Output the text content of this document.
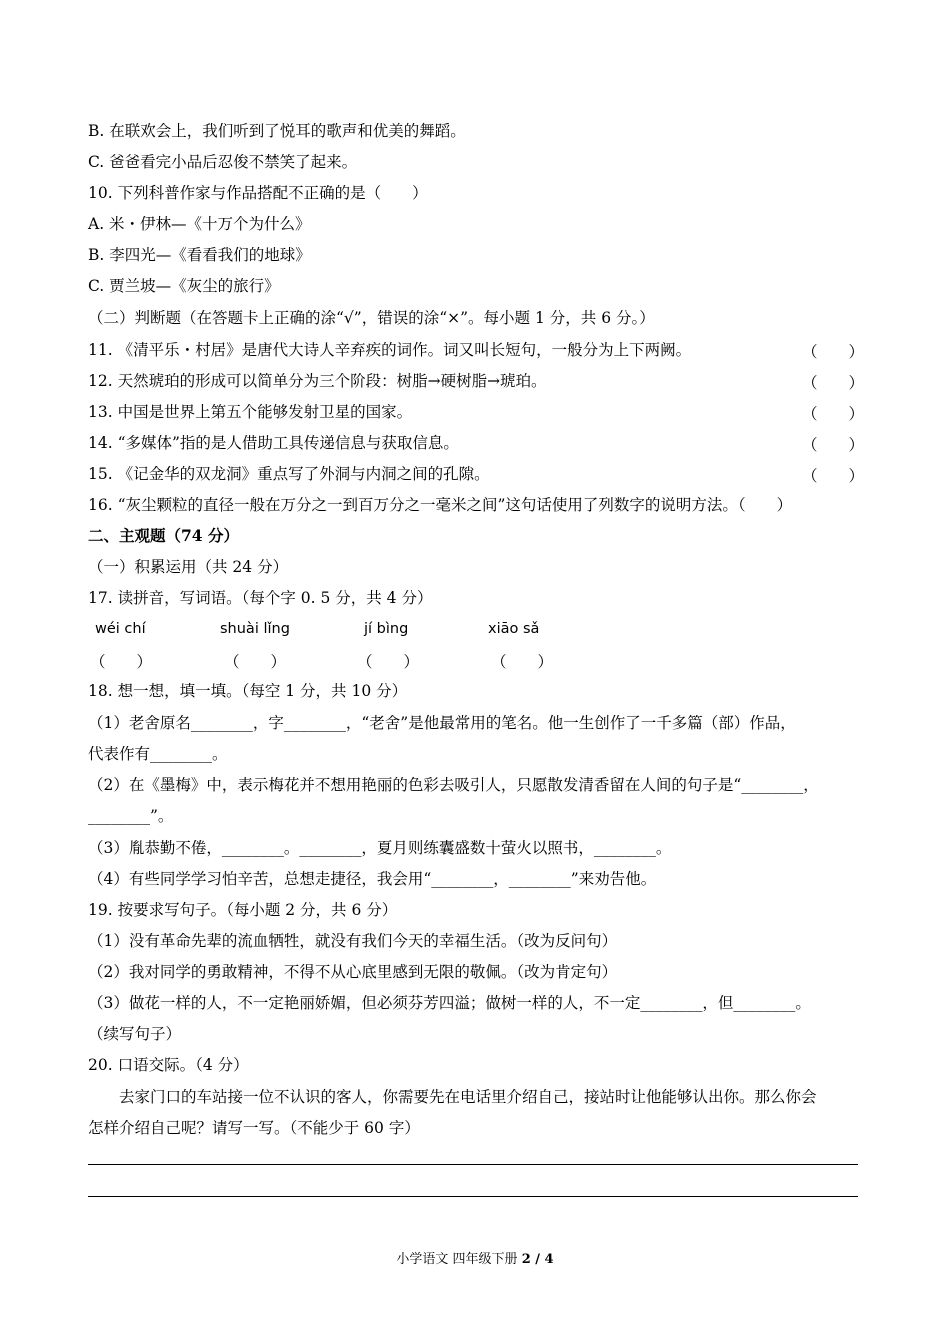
B. 在联欢会上，我们听到了悦耳的歌声和优美的舞蹈。
C. 爸爸看完小品后忍俊不禁笑了起来。
10. 下列科普作家与作品搭配不正确的是（　　）
A. 米・伊林—《十万个为什么》
B. 李四光—《看看我们的地球》
C. 贾兰坡—《灰尘的旅行》
（二）判断题（在答题卡上正确的涂“√”，错误的涂“×”。每小题 1 分，共 6 分。）
11. 《清平乐・村居》是唐代大诗人辛弃疾的词作。词又叫长短句，一般分为上下两阙。	（　　）
12. 天然琥珀的形成可以简单分为三个阶段：树脂→硬树脂→琥珀。	（　　）
13. 中国是世界上第五个能够发射卫星的国家。	（　　）
14. “多媒体”指的是人借助工具传递信息与获取信息。	（　　）
15. 《记金华的双龙洞》重点写了外洞与内洞之间的孔隙。	（　　）
16. “灰尘颗粒的直径一般在万分之一到百万分之一毫米之间”这句话使用了列数字的说明方法。（　　）
二、主观题（74 分）
（一）积累运用（共 24 分）
17. 读拼音，写词语。（每个字 0. 5 分，共 4 分）
wéi chí	shuài lǐng	jí bìng	xiāo sǎ
（　　）	（　　）	（　　）	（　　）
18. 想一想，填一填。（每空 1 分，共 10 分）
（1）老舍原名________，字________，“老舍”是他最常用的笔名。他一生创作了一千多篇（部）作品，
代表作有________。
（2）在《墨梅》中，表示梅花并不想用艳丽的色彩去吸引人，只愿散发清香留在人间的句子是“________，
________”。
（3）胤恭勤不倦，________。________，夏月则练囊盛数十萤火以照书，________。
（4）有些同学学习怕辛苦，总想走捷径，我会用“________，________”来劝告他。
19. 按要求写句子。（每小题 2 分，共 6 分）
（1）没有革命先辈的流血牺牲，就没有我们今天的幸福生活。（改为反问句）
（2）我对同学的勇敢精神，不得不从心底里感到无限的敬佩。（改为肯定句）
（3）做花一样的人，不一定艳丽娇媚，但必须芬芳四溢；做树一样的人，不一定________，但________。
（续写句子）
20. 口语交际。（4 分）
　　去家门口的车站接一位不认识的客人，你需要先在电话里介绍自己，接站时让他能够认出你。那么你会
怎样介绍自己呢？请写一写。（不能少于 60 字）
小学语文 四年级下册 2 / 4
